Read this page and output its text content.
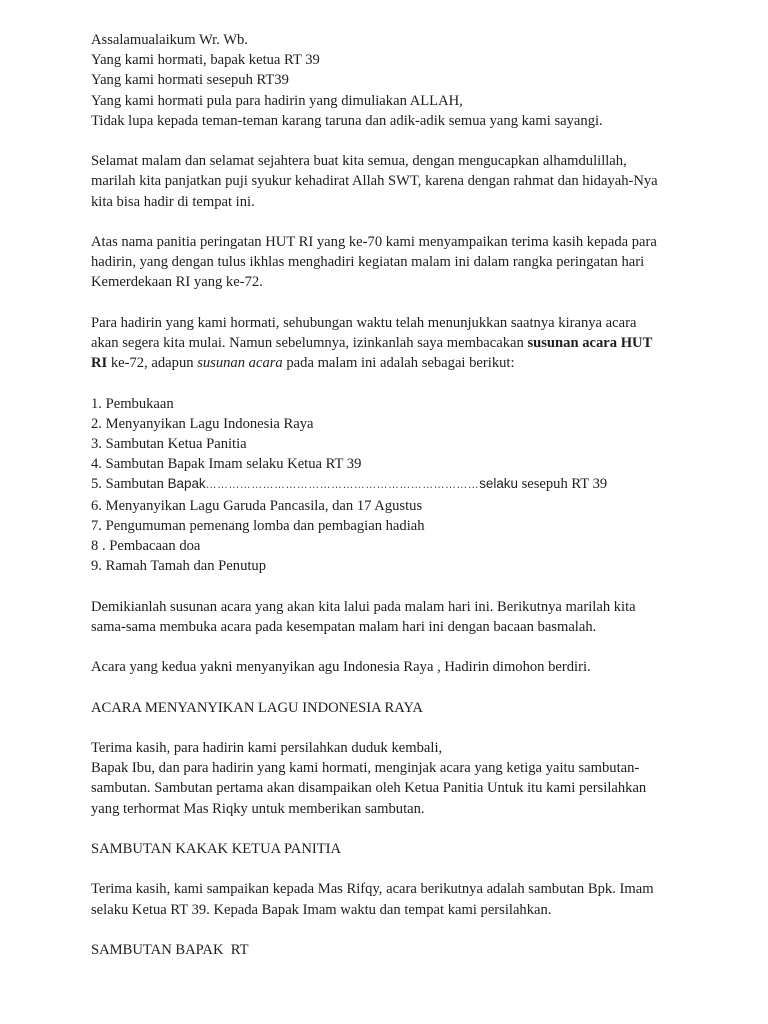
Assalamualaikum Wr. Wb.
Yang kami hormati, bapak ketua RT 39
Yang kami hormati sesepuh RT39
Yang kami hormati pula para hadirin yang dimuliakan ALLAH,
Tidak lupa kepada teman-teman karang taruna dan adik-adik semua yang kami sayangi.
Selamat malam dan selamat sejahtera buat kita semua, dengan mengucapkan alhamdulillah,
marilah kita panjatkan puji syukur kehadirat Allah SWT, karena dengan rahmat dan hidayah-Nya
kita bisa hadir di tempat ini.
Atas nama panitia peringatan HUT RI yang ke-70 kami menyampaikan terima kasih kepada para
hadirin, yang dengan tulus ikhlas menghadiri kegiatan malam ini dalam rangka peringatan hari
Kemerdekaan RI yang ke-72.
Para hadirin yang kami hormati, sehubungan waktu telah menunjukkan saatnya kiranya acara
akan segera kita mulai. Namun sebelumnya, izinkanlah saya membacakan susunan acara HUT
RI ke-72, adapun susunan acara pada malam ini adalah sebagai berikut:
1. Pembukaan
2. Menyanyikan Lagu Indonesia Raya
3. Sambutan Ketua Panitia
4. Sambutan Bapak Imam selaku Ketua RT 39
5. Sambutan Bapak………………………………………………………………selaku sesepuh RT 39
6. Menyanyikan Lagu Garuda Pancasila, dan 17 Agustus
7. Pengumuman pemenang lomba dan pembagian hadiah
8 . Pembacaan doa
9. Ramah Tamah dan Penutup
Demikianlah susunan acara yang akan kita lalui pada malam hari ini. Berikutnya marilah kita
sama-sama membuka acara pada kesempatan malam hari ini dengan bacaan basmalah.
Acara yang kedua yakni menyanyikan agu Indonesia Raya , Hadirin dimohon berdiri.
ACARA MENYANYIKAN LAGU INDONESIA RAYA
Terima kasih, para hadirin kami persilahkan duduk kembali,
Bapak Ibu, dan para hadirin yang kami hormati, menginjak acara yang ketiga yaitu sambutan-
sambutan. Sambutan pertama akan disampaikan oleh Ketua Panitia Untuk itu kami persilahkan
yang terhormat Mas Riqky untuk memberikan sambutan.
SAMBUTAN KAKAK KETUA PANITIA
Terima kasih, kami sampaikan kepada Mas Rifqy, acara berikutnya adalah sambutan Bpk. Imam
selaku Ketua RT 39. Kepada Bapak Imam waktu dan tempat kami persilahkan.
SAMBUTAN BAPAK  RT
